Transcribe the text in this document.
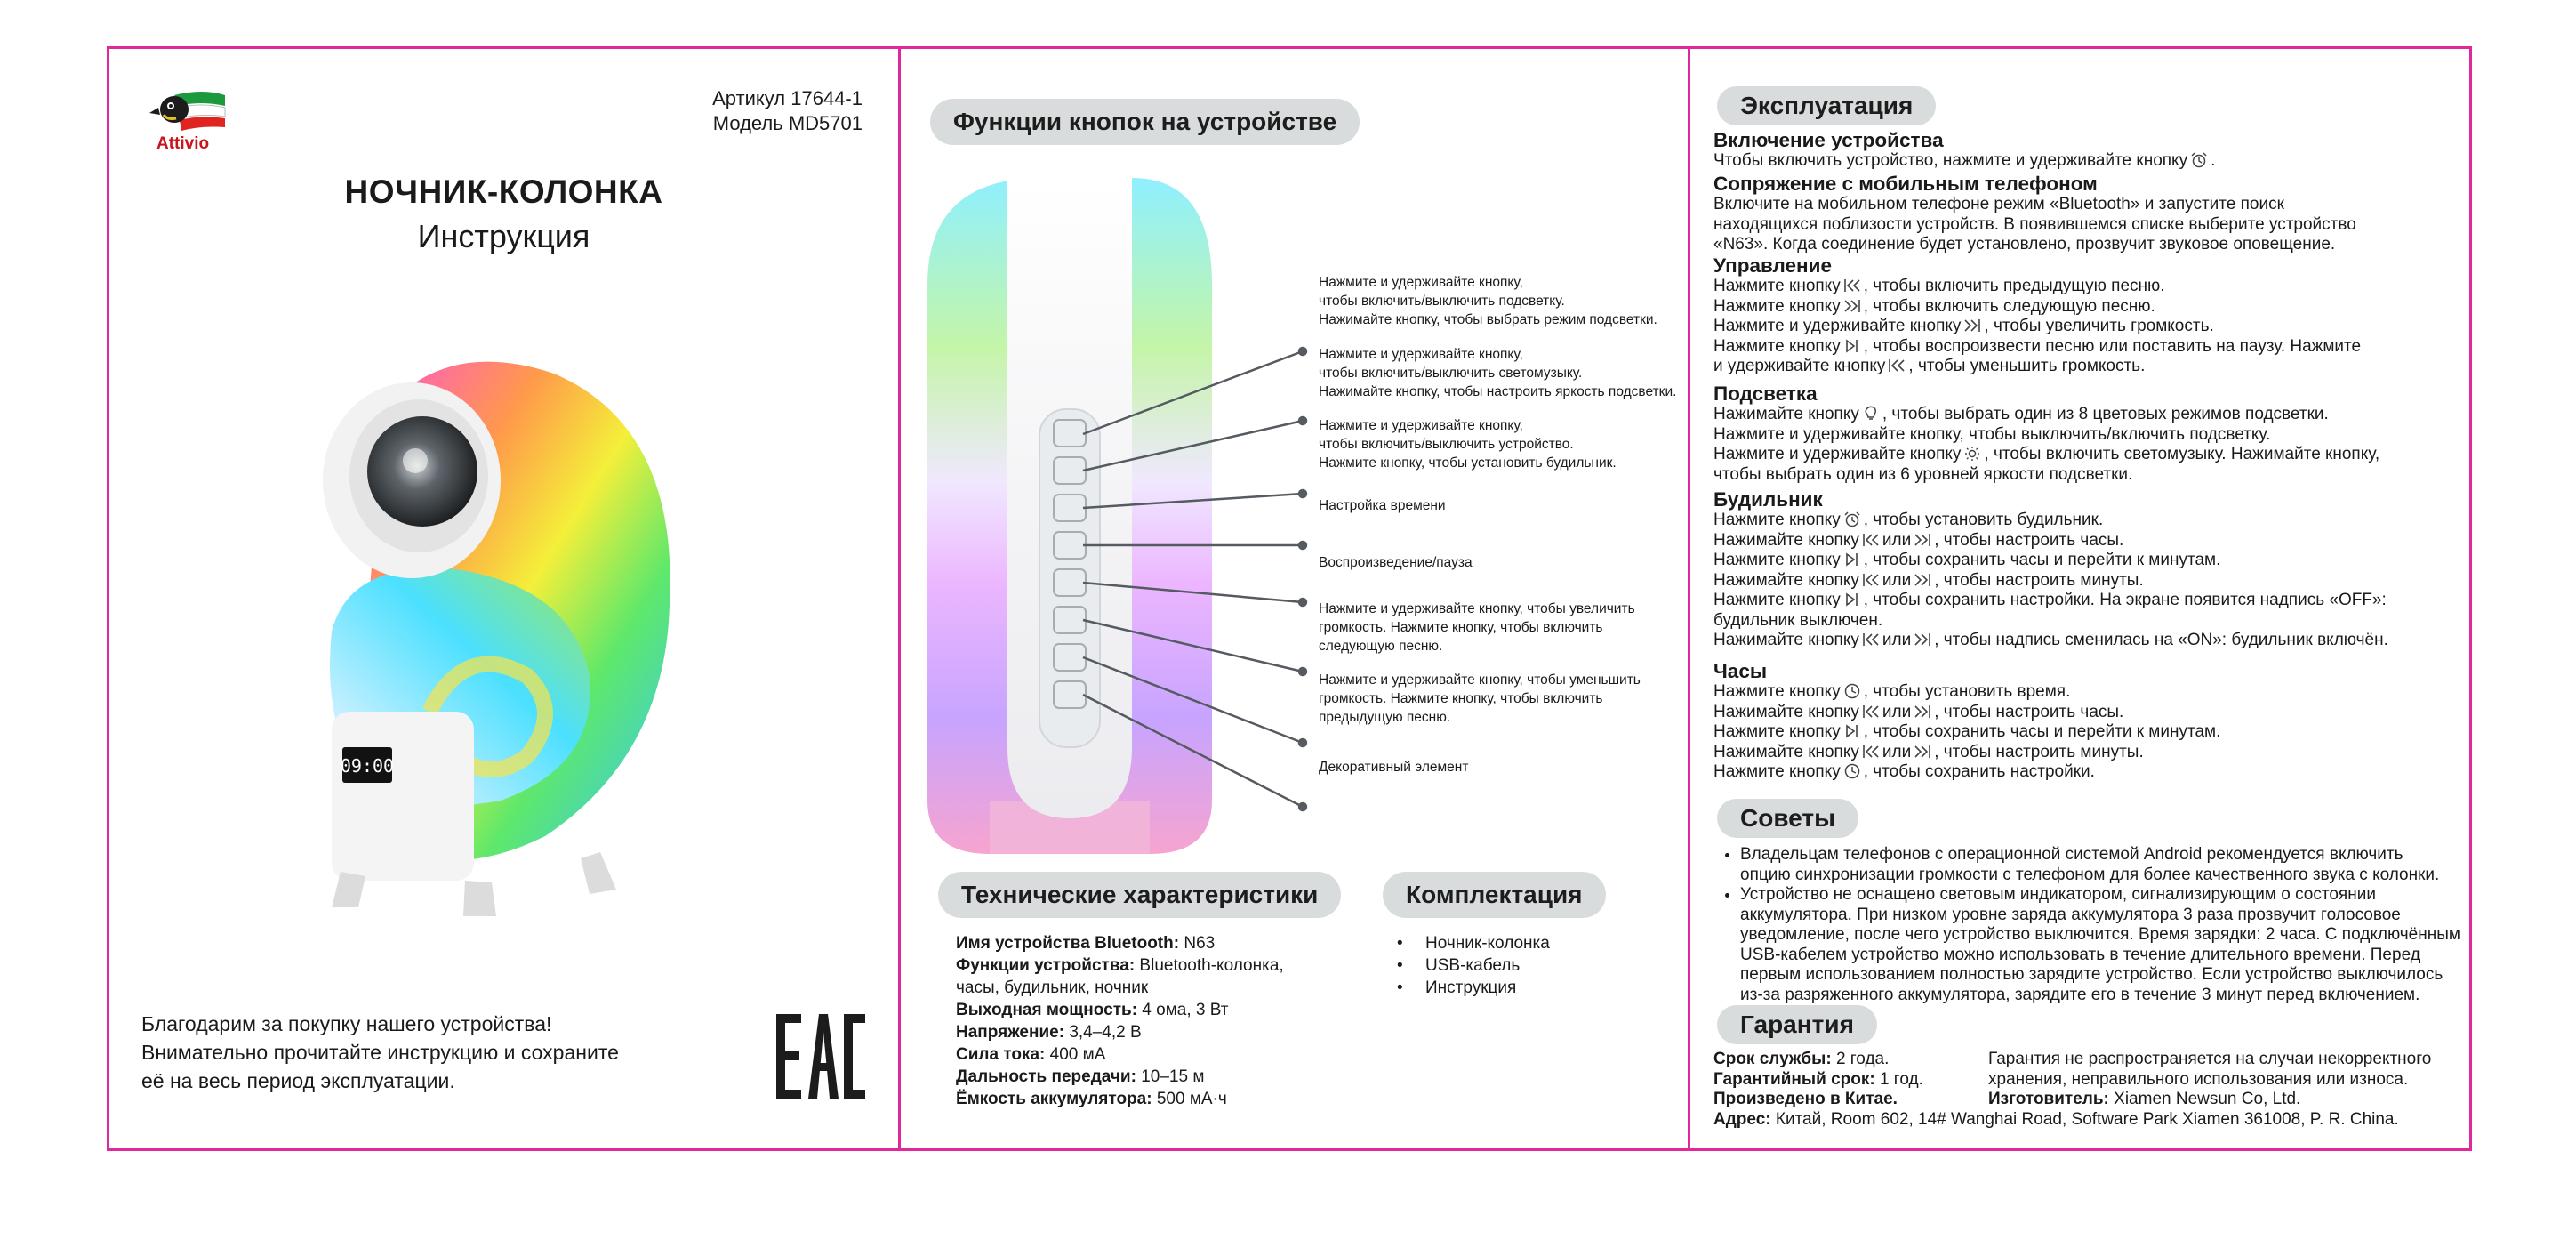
Attivio
Артикул 17644-1
Модель MD5701
НОЧНИК-КОЛОНКА
Инструкция
09:00
Благодарим за покупку нашего устройства!
Внимательно прочитайте инструкцию и сохраните
её на весь период эксплуатации.
Функции кнопок на устройстве
Нажмите и удерживайте кнопку,
чтобы включить/выключить подсветку.
Нажимайте кнопку, чтобы выбрать режим подсветки.
Нажмите и удерживайте кнопку,
чтобы включить/выключить светомузыку.
Нажимайте кнопку, чтобы настроить яркость подсветки.
Нажмите и удерживайте кнопку,
чтобы включить/выключить устройство.
Нажмите кнопку, чтобы установить будильник.
Настройка времени
Воспроизведение/пауза
Нажмите и удерживайте кнопку, чтобы увеличить
громкость. Нажмите кнопку, чтобы включить
следующую песню.
Нажмите и удерживайте кнопку, чтобы уменьшить
громкость. Нажмите кнопку, чтобы включить
предыдущую песню.
Декоративный элемент
Технические характеристики

Имя устройства Bluetooth: N63

Функции устройства: Bluetooth-колонка,

часы, будильник, ночник

Выходная мощность: 4 ома, 3 Вт

Напряжение: 3,4–4,2 В

Сила тока: 400 мА

Дальность передачи: 10–15 м

Ёмкость аккумулятора: 500 мА·ч

Комплектация
• Ночник-колонка
• USB-кабель
• Инструкция
Эксплуатация
Включение устройства

Чтобы включить устройство, нажмите и удерживайте кнопку .

Сопряжение с мобильным телефоном

Включите на мобильном телефоне режим «Bluetooth» и запустите поиск

находящихся поблизости устройств. В появившемся списке выберите устройство

«N63». Когда соединение будет установлено, прозвучит звуковое оповещение.

Управление

Нажмите кнопку , чтобы включить предыдущую песню.

Нажмите кнопку , чтобы включить следующую песню.

Нажмите и удерживайте кнопку , чтобы увеличить громкость.

Нажмите кнопку , чтобы воспроизвести песню или поставить на паузу. Нажмите

и удерживайте кнопку , чтобы уменьшить громкость.

Подсветка

Нажимайте кнопку , чтобы выбрать один из 8 цветовых режимов подсветки.

Нажмите и удерживайте кнопку, чтобы выключить/включить подсветку.

Нажмите и удерживайте кнопку , чтобы включить светомузыку. Нажимайте кнопку,

чтобы выбрать один из 6 уровней яркости подсветки.

Будильник

Нажмите кнопку , чтобы установить будильник.

Нажимайте кнопку или , чтобы настроить часы.

Нажмите кнопку , чтобы сохранить часы и перейти к минутам.

Нажимайте кнопку или , чтобы настроить минуты.

Нажмите кнопку , чтобы сохранить настройки. На экране появится надпись «OFF»:

будильник выключен.

Нажимайте кнопку или , чтобы надпись сменилась на «ON»: будильник включён.

Часы

Нажмите кнопку , чтобы установить время.

Нажимайте кнопку или , чтобы настроить часы.

Нажмите кнопку , чтобы сохранить часы и перейти к минутам.

Нажимайте кнопку или , чтобы настроить минуты.

Нажмите кнопку , чтобы сохранить настройки.

Советы
• Владельцам телефонов с операционной системой Android рекомендуется включить
опцию синхронизации громкости с телефоном для более качественного звука с колонки.
• Устройство не оснащено световым индикатором, сигнализирующим о состоянии
аккумулятора. При низком уровне заряда аккумулятора 3 раза прозвучит голосовое
уведомление, после чего устройство выключится. Время зарядки: 2 часа. С подключённым
USB-кабелем устройство можно использовать в течение длительного времени. Перед
первым использованием полностью зарядите устройство. Если устройство выключилось
из-за разряженного аккумулятора, зарядите его в течение 3 минут перед включением.
Гарантия
Срок службы: 2 года.
Гарантийный срок: 1 год.
Произведено в Китае.
Адрес: Китай, Room 602, 14# Wanghai Road, Software Park Xiamen 361008, P. R. China.
Гарантия не распространяется на случаи некорректного
хранения, неправильного использования или износа.
Изготовитель: Xiamen Newsun Co, Ltd.
